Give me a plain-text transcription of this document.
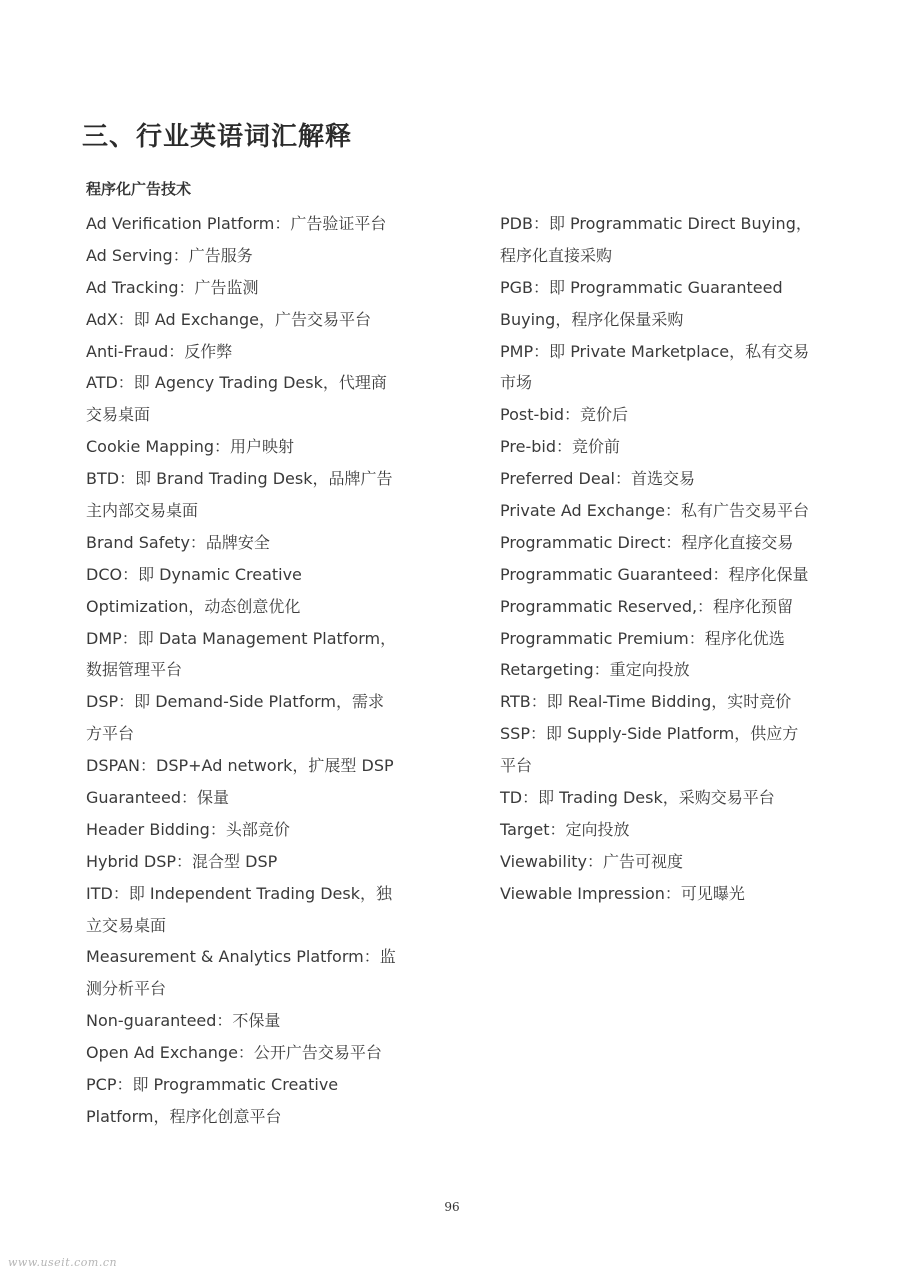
三、行业英语词汇解释
程序化广告技术
Ad Verification Platform：广告验证平台
Ad Serving：广告服务
Ad Tracking：广告监测
AdX：即 Ad Exchange，广告交易平台
Anti-Fraud：反作弊
ATD：即 Agency Trading Desk，代理商
交易桌面
Cookie Mapping：用户映射
BTD：即 Brand Trading Desk，品牌广告
主内部交易桌面
Brand Safety：品牌安全
DCO：即 Dynamic Creative
Optimization，动态创意优化
DMP：即 Data Management Platform，
数据管理平台
DSP：即 Demand-Side Platform，需求
方平台
DSPAN：DSP+Ad network，扩展型 DSP
Guaranteed：保量
Header Bidding：头部竞价
Hybrid DSP：混合型 DSP
ITD：即 Independent Trading Desk，独
立交易桌面
Measurement & Analytics Platform：监
测分析平台
Non-guaranteed：不保量
Open Ad Exchange：公开广告交易平台
PCP：即 Programmatic Creative
Platform，程序化创意平台
PDB：即 Programmatic Direct Buying，
程序化直接采购
PGB：即 Programmatic Guaranteed
Buying，程序化保量采购
PMP：即 Private Marketplace，私有交易
市场
Post-bid：竞价后
Pre-bid：竞价前
Preferred Deal：首选交易
Private Ad Exchange：私有广告交易平台
Programmatic Direct：程序化直接交易
Programmatic Guaranteed：程序化保量
Programmatic Reserved,：程序化预留
Programmatic Premium：程序化优选
Retargeting：重定向投放
RTB：即 Real-Time Bidding，实时竞价
SSP：即 Supply-Side Platform，供应方
平台
TD：即 Trading Desk，采购交易平台
Target：定向投放
Viewability：广告可视度
Viewable Impression：可见曝光
96
www.useit.com.cn
